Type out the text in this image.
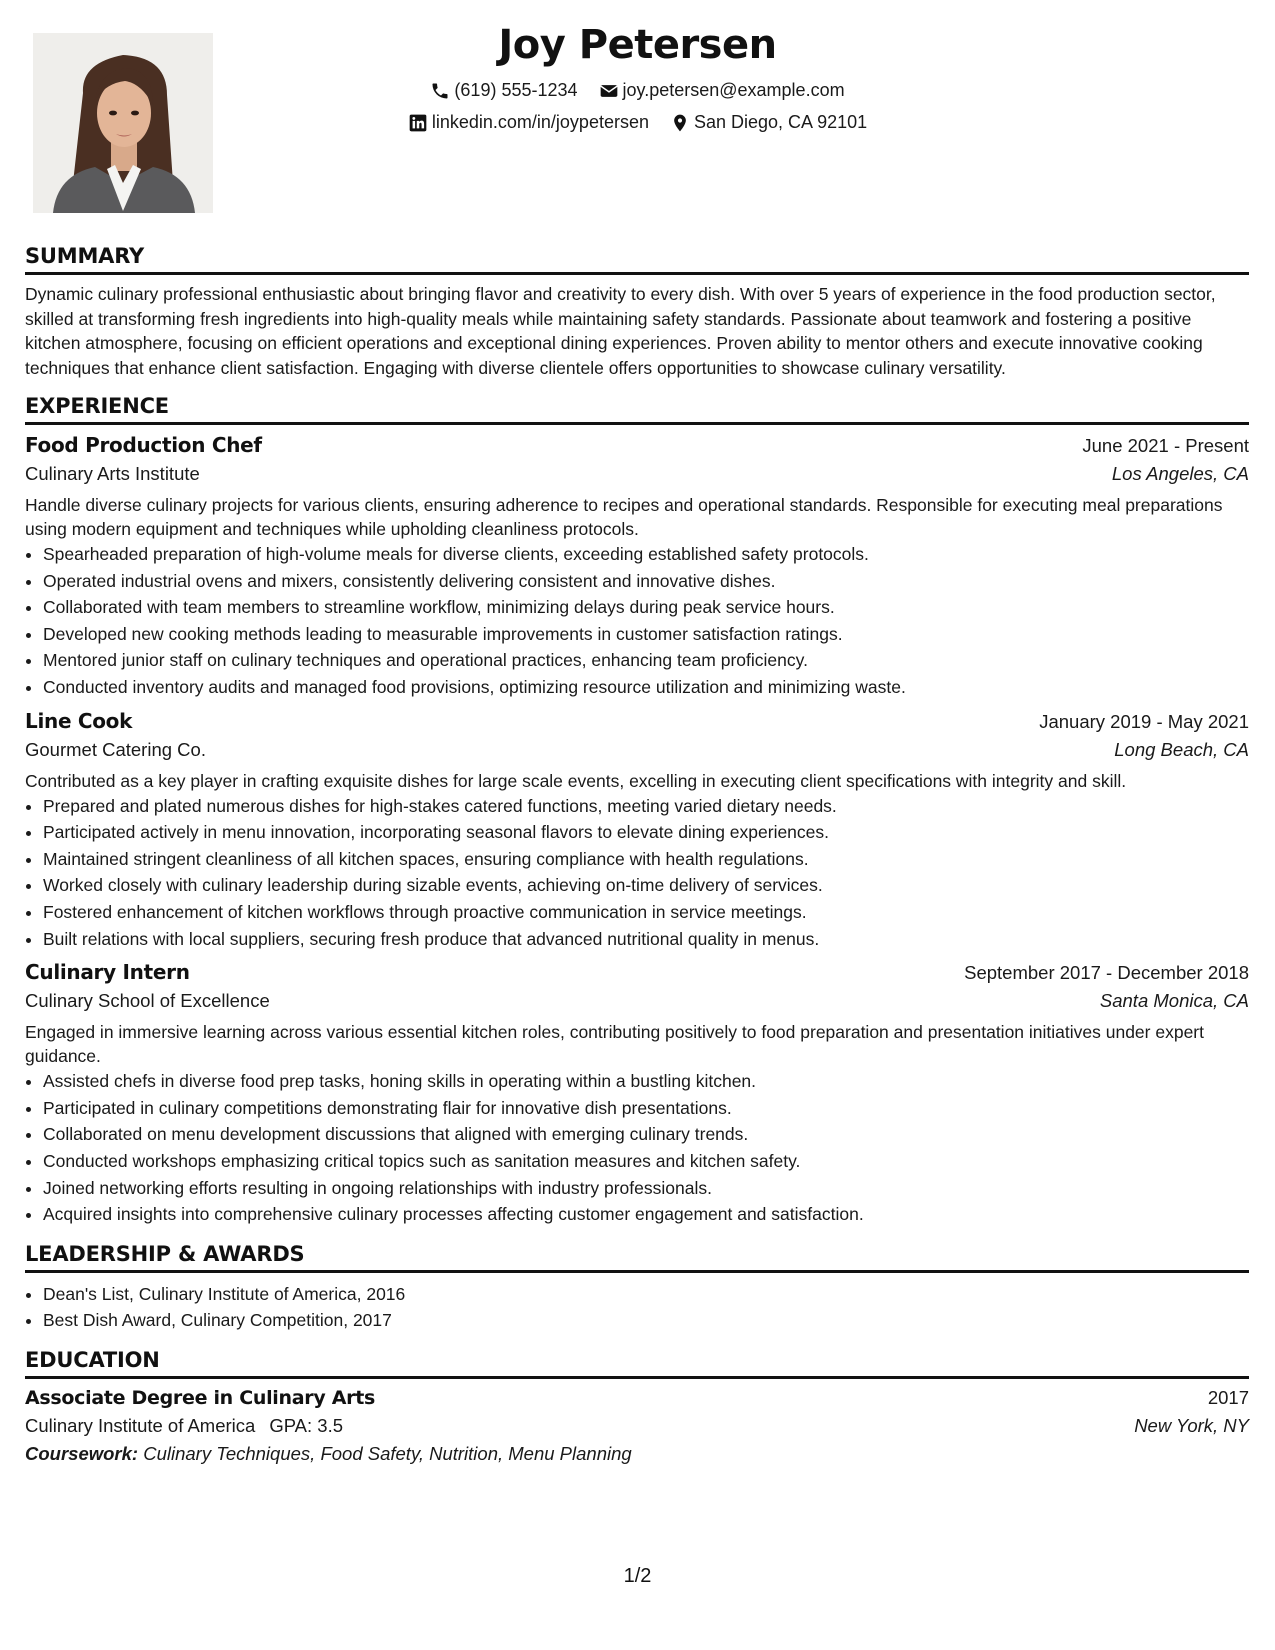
Joy Petersen
(619) 555-1234
	joy.petersen@example.com
linkedin.com/in/joypetersen
	San Diego, CA 92101
SUMMARY
Dynamic culinary professional enthusiastic about bringing flavor and creativity to every dish. With over 5 years of experience in the food production sector, skilled at transforming fresh ingredients into high-quality meals while maintaining safety standards. Passionate about teamwork and fostering a positive kitchen atmosphere, focusing on efficient operations and exceptional dining experiences. Proven ability to mentor others and execute innovative cooking techniques that enhance client satisfaction. Engaging with diverse clientele offers opportunities to showcase culinary versatility.
EXPERIENCE
Food Production Chef	June 2021 - Present
Culinary Arts Institute	Los Angeles, CA
Handle diverse culinary projects for various clients, ensuring adherence to recipes and operational standards. Responsible for executing meal preparations using modern equipment and techniques while upholding cleanliness protocols.
• Spearheaded preparation of high-volume meals for diverse clients, exceeding established safety protocols.
• Operated industrial ovens and mixers, consistently delivering consistent and innovative dishes.
• Collaborated with team members to streamline workflow, minimizing delays during peak service hours.
• Developed new cooking methods leading to measurable improvements in customer satisfaction ratings.
• Mentored junior staff on culinary techniques and operational practices, enhancing team proficiency.
• Conducted inventory audits and managed food provisions, optimizing resource utilization and minimizing waste.
Line Cook	January 2019 - May 2021
Gourmet Catering Co.	Long Beach, CA
Contributed as a key player in crafting exquisite dishes for large scale events, excelling in executing client specifications with integrity and skill.
• Prepared and plated numerous dishes for high-stakes catered functions, meeting varied dietary needs.
• Participated actively in menu innovation, incorporating seasonal flavors to elevate dining experiences.
• Maintained stringent cleanliness of all kitchen spaces, ensuring compliance with health regulations.
• Worked closely with culinary leadership during sizable events, achieving on-time delivery of services.
• Fostered enhancement of kitchen workflows through proactive communication in service meetings.
• Built relations with local suppliers, securing fresh produce that advanced nutritional quality in menus.
Culinary Intern	September 2017 - December 2018
Culinary School of Excellence	Santa Monica, CA
Engaged in immersive learning across various essential kitchen roles, contributing positively to food preparation and presentation initiatives under expert guidance.
• Assisted chefs in diverse food prep tasks, honing skills in operating within a bustling kitchen.
• Participated in culinary competitions demonstrating flair for innovative dish presentations.
• Collaborated on menu development discussions that aligned with emerging culinary trends.
• Conducted workshops emphasizing critical topics such as sanitation measures and kitchen safety.
• Joined networking efforts resulting in ongoing relationships with industry professionals.
• Acquired insights into comprehensive culinary processes affecting customer engagement and satisfaction.
LEADERSHIP & AWARDS
• Dean's List, Culinary Institute of America, 2016
• Best Dish Award, Culinary Competition, 2017
EDUCATION
Associate Degree in Culinary Arts	2017
Culinary Institute of America GPA: 3.5	New York, NY
Coursework: Culinary Techniques, Food Safety, Nutrition, Menu Planning
1/2
